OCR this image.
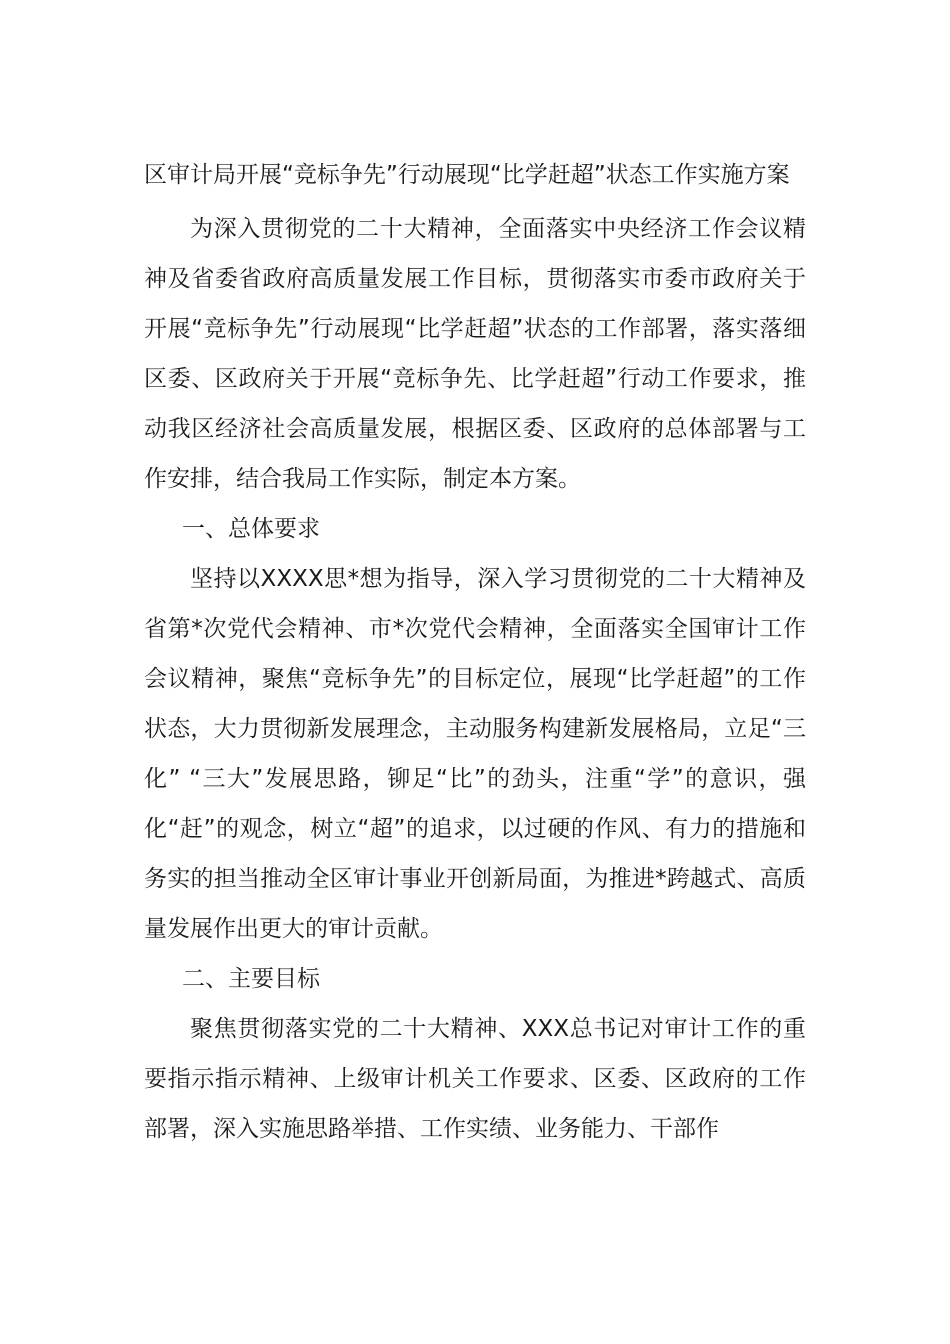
区审计局开展“竞标争先”行动展现“比学赶超”状态工作实施方案

为深入贯彻党的二十大精神，全面落实中央经济工作会议精神及省委省政府高质量发展工作目标，贯彻落实市委市政府关于开展“竞标争先”行动展现“比学赶超”状态的工作部署，落实落细区委、区政府关于开展“竞标争先、比学赶超”行动工作要求，推动我区经济社会高质量发展，根据区委、区政府的总体部署与工作安排，结合我局工作实际，制定本方案。

一、总体要求

坚持以XXXX思*想为指导，深入学习贯彻党的二十大精神及省第*次党代会精神、市*次党代会精神，全面落实全国审计工作会议精神，聚焦“竞标争先”的目标定位，展现“比学赶超”的工作状态，大力贯彻新发展理念，主动服务构建新发展格局，立足“三化” “三大”发展思路，铆足“比”的劲头，注重“学”的意识，强化“赶”的观念，树立“超”的追求，以过硬的作风、有力的措施和务实的担当推动全区审计事业开创新局面，为推进*跨越式、高质量发展作出更大的审计贡献。

二、主要目标

聚焦贯彻落实党的二十大精神、XXX总书记对审计工作的重要指示指示精神、上级审计机关工作要求、区委、区政府的工作部署，深入实施思路举措、工作实绩、业务能力、干部作
